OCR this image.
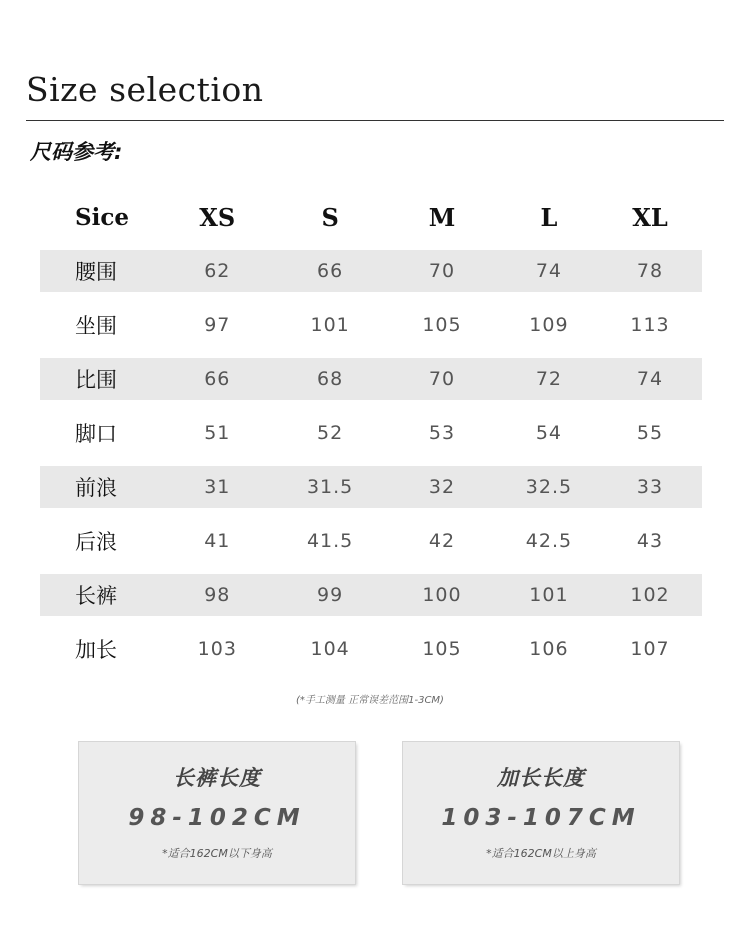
Size selection
尺码参考:
Sice	XS	S	M	L	XL
腰围	62	66	70	74	78
坐围	97	101	105	109	113
比围	66	68	70	72	74
脚口	51	52	53	54	55
前浪	31	31.5	32	32.5	33
后浪	41	41.5	42	42.5	43
长裤	98	99	100	101	102
加长	103	104	105	106	107
(*手工测量 正常误差范围1-3CM)
长裤长度
98-102CM
*适合162CM以下身高
加长长度
103-107CM
*适合162CM以上身高
